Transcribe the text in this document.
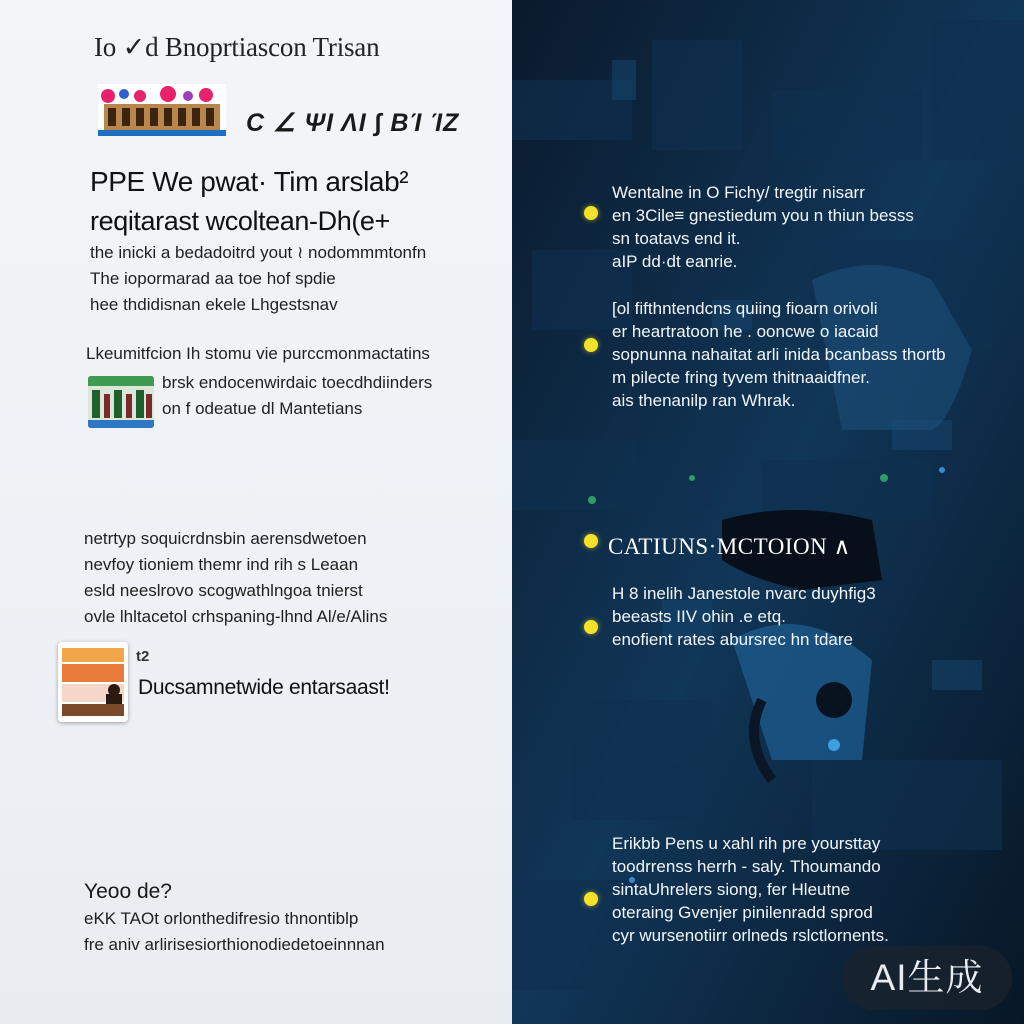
Io ✓d Bnoprtiascon Trisan
C ∠ ΨΙ ΛΙ ∫ ΒΊ ΊΖ
PPE We pwat· Tim arslab²
reqitarast wcoltean-Dh(e+
the inicki a bedadoitrd yout ≀ nodommmtonfn
The iopormarad aa toe hof spdie
hee thdidisnan ekele Lhgestsnav
Lkeumitfcion Ih stomu vie purccmonmactatins
brsk endocenwirdaic toecdhdiinders
on f odeatue dl Mantetians
netrtyp soquicrdnsbin aerensdwetoen
nevfoy tioniem themr ind rih s Leaan
esld neeslrovo scogwathlngoa tnierst
ovle lhltacetol crhspaning-lhnd Al/e/Alins
t2
Ducsamnetwide entarsaast!
Yeoo de?
eKK TAOt orlonthedifresio thnontiblp
fre aniv arlirisesiorthionodiedetoeinnnan
Wentalne in O Fichy/ tregtir nisarr
en 3Cile≡ gnestiedum you n thiun besss
sn toatavs end it.
aIP dd·dt eanrie.
[ol fifthntendcns quiing fioarn orivoli
er heartratoon he . ooncwe o iacaid
sopnunna nahaitat arli inida bcanbass thortb
m pilecte fring tyvem thitnaaidfner.
ais thenanilp ran Whrak.
CATIUNS·MCTOION ∧
H 8 inelih Janestole nvarc duyhfig3
beeasts IIV ohin .e etq.
enofient rates abursrec hn tdare
Erikbb Pens u xahl rih pre yoursttay
toodrrenss herrh - saly. Thoumando
sintaUhrelers siong, fer Hleutne
oteraing Gvenjer pinilenradd sprod
cyr wursenotiirr orlneds rslctlornents.
AI生成
